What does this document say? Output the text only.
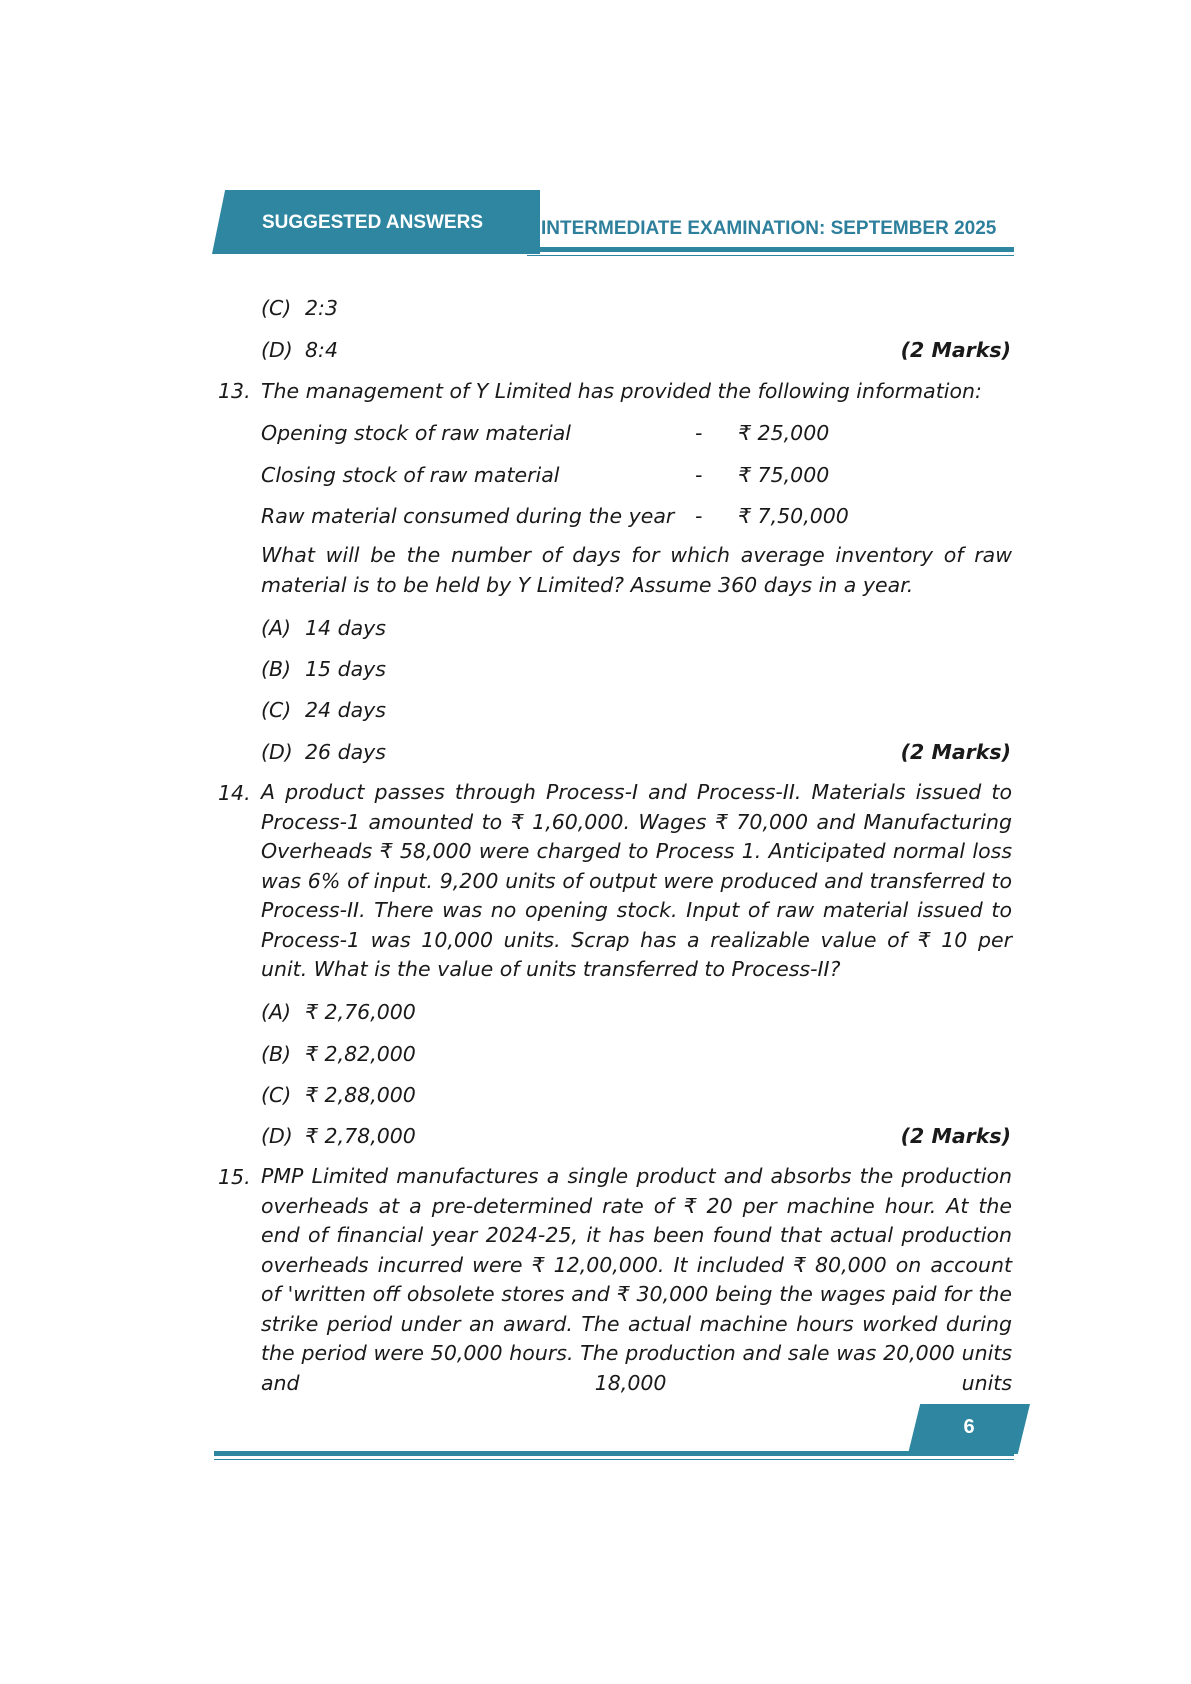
SUGGESTED ANSWERS	INTERMEDIATE EXAMINATION: SEPTEMBER 2025
(C) 2:3
(D) 8:4	(2 Marks)
13. The management of Y Limited has provided the following information:
Opening stock of raw material	- ₹ 25,000
Closing stock of raw material	- ₹ 75,000
Raw material consumed during the year - ₹ 7,50,000
What will be the number of days for which average inventory of raw material is to be held by Y Limited? Assume 360 days in a year.
(A) 14 days
(B) 15 days
(C) 24 days
(D) 26 days	(2 Marks)
14. A product passes through Process-I and Process-II. Materials issued to Process-1 amounted to ₹ 1,60,000. Wages ₹ 70,000 and Manufacturing Overheads ₹ 58,000 were charged to Process 1. Anticipated normal loss was 6% of input. 9,200 units of output were produced and transferred to Process-II. There was no opening stock. Input of raw material issued to Process-1 was 10,000 units. Scrap has a realizable value of ₹ 10 per unit. What is the value of units transferred to Process-II?
(A) ₹ 2,76,000
(B) ₹ 2,82,000
(C) ₹ 2,88,000
(D) ₹ 2,78,000	(2 Marks)
15. PMP Limited manufactures a single product and absorbs the production overheads at a pre-determined rate of ₹ 20 per machine hour. At the end of financial year 2024-25, it has been found that actual production overheads incurred were ₹ 12,00,000. It included ₹ 80,000 on account of 'written off obsolete stores and ₹ 30,000 being the wages paid for the strike period under an award. The actual machine hours worked during the period were 50,000 hours. The production and sale was 20,000 units and 18,000 units
6
